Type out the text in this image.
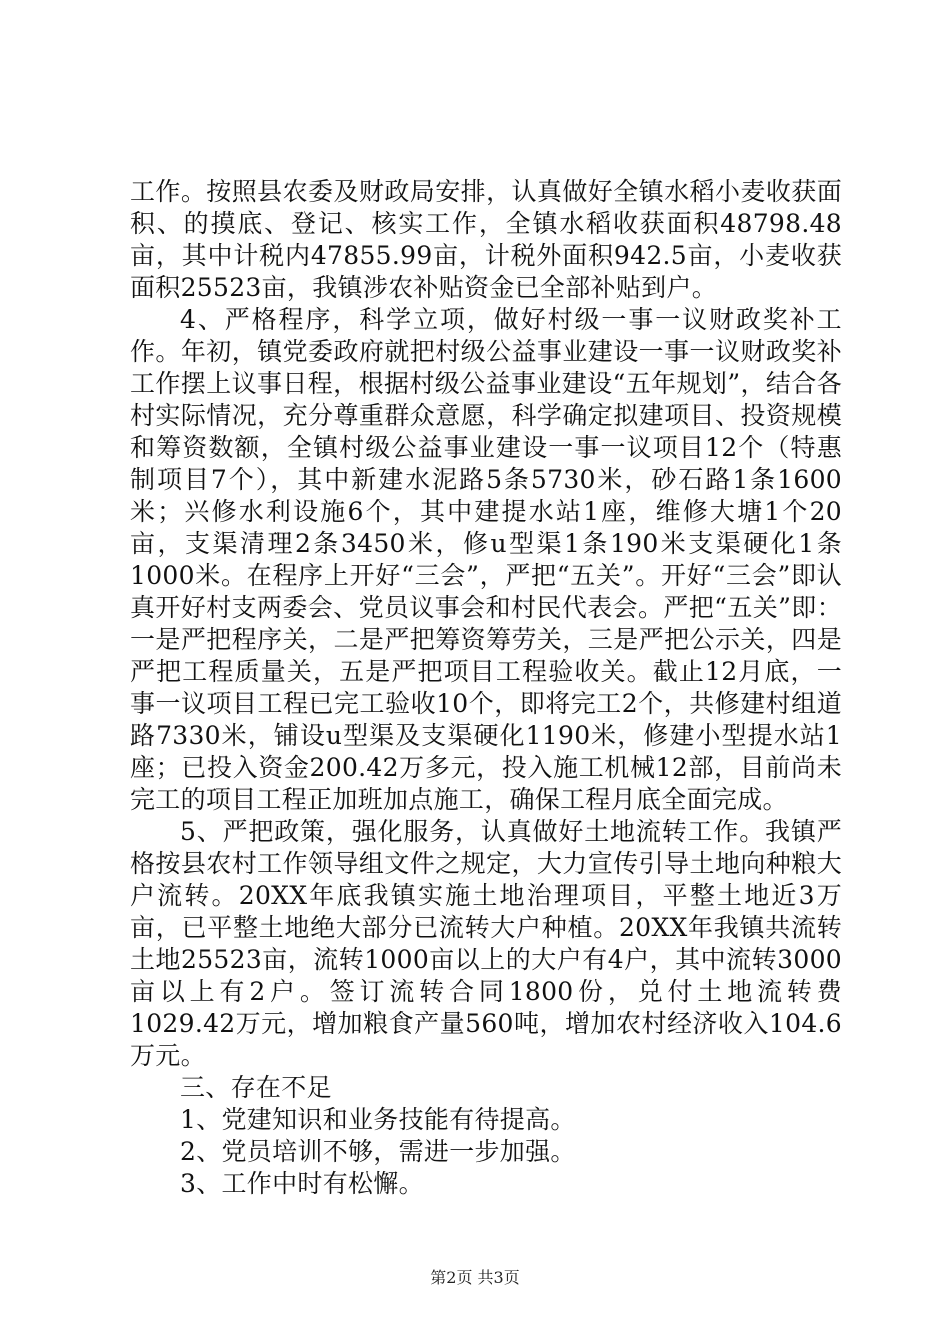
工作。按照县农委及财政局安排，认真做好全镇水稻小麦收获面积、的摸底、登记、核实工作，全镇水稻收获面积48798.48亩，其中计税内47855.99亩，计税外面积942.5亩，小麦收获面积25523亩，我镇涉农补贴资金已全部补贴到户。

4、严格程序，科学立项，做好村级一事一议财政奖补工作。年初，镇党委政府就把村级公益事业建设一事一议财政奖补工作摆上议事日程，根据村级公益事业建设“五年规划”，结合各村实际情况，充分尊重群众意愿，科学确定拟建项目、投资规模和筹资数额，全镇村级公益事业建设一事一议项目12个（特惠制项目7个），其中新建水泥路5条5730米，砂石路1条1600米；兴修水利设施6个，其中建提水站1座，维修大塘1个20亩，支渠清理2条3450米，修u型渠1条190米支渠硬化1条1000米。在程序上开好“三会”，严把“五关”。开好“三会”即认真开好村支两委会、党员议事会和村民代表会。严把“五关”即：一是严把程序关，二是严把筹资筹劳关，三是严把公示关，四是严把工程质量关，五是严把项目工程验收关。截止12月底，一事一议项目工程已完工验收10个，即将完工2个，共修建村组道路7330米，铺设u型渠及支渠硬化1190米，修建小型提水站1座；已投入资金200.42万多元，投入施工机械12部，目前尚未完工的项目工程正加班加点施工，确保工程月底全面完成。

5、严把政策，强化服务，认真做好土地流转工作。我镇严格按县农村工作领导组文件之规定，大力宣传引导土地向种粮大户流转。20XX年底我镇实施土地治理项目，平整土地近3万亩，已平整土地绝大部分已流转大户种植。20XX年我镇共流转土地25523亩，流转1000亩以上的大户有4户，其中流转3000亩以上有2户。签订流转合同1800份，兑付土地流转费1029.42万元，增加粮食产量560吨，增加农村经济收入104.6万元。

三、存在不足

1、党建知识和业务技能有待提高。

2、党员培训不够，需进一步加强。

3、工作中时有松懈。

第2页 共3页
